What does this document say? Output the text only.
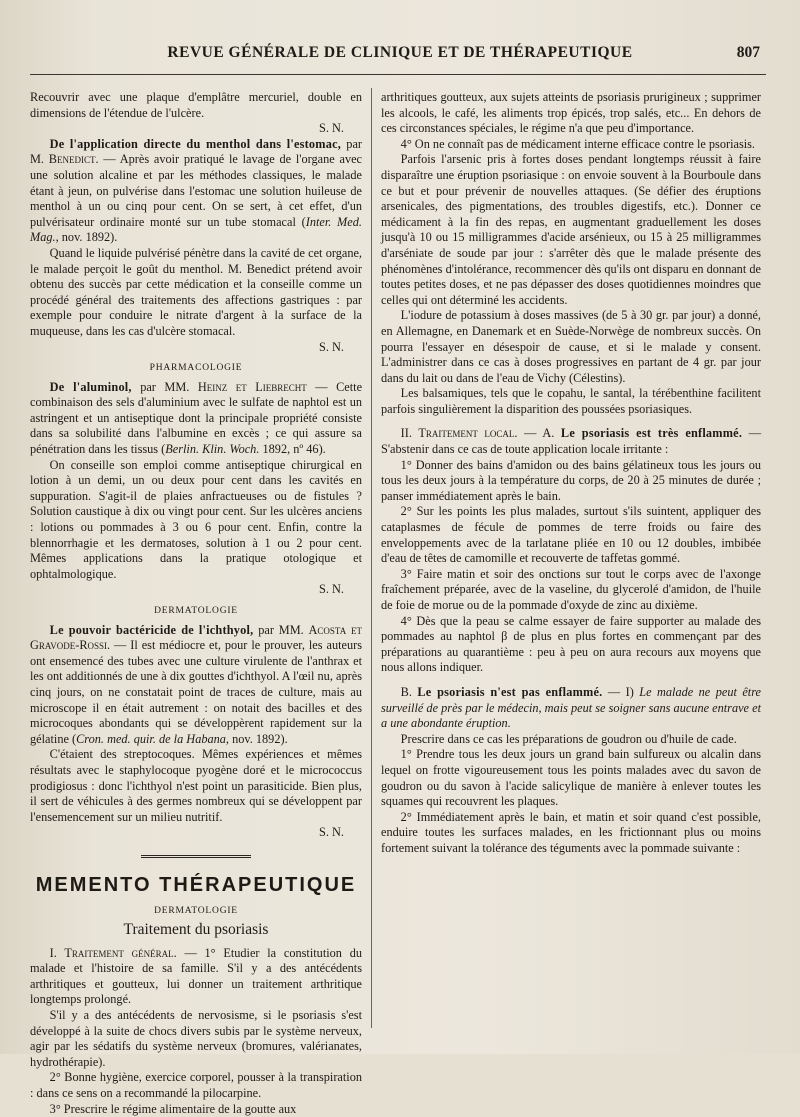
REVUE GÉNÉRALE DE CLINIQUE ET DE THÉRAPEUTIQUE	807

Recouvrir avec une plaque d'emplâtre mercuriel, double en dimensions de l'étendue de l'ulcère.

S. N.

De l'application directe du menthol dans l'estomac, par M. Benedict. — Après avoir pratiqué le lavage de l'organe avec une solution alcaline et par les méthodes classiques, le malade étant à jeun, on pulvérise dans l'estomac une solution huileuse de menthol à un ou cinq pour cent. On se sert, à cet effet, d'un pulvérisateur ordinaire monté sur un tube stomacal (Inter. Med. Mag., nov. 1892).

Quand le liquide pulvérisé pénètre dans la cavité de cet organe, le malade perçoit le goût du menthol. M. Benedict prétend avoir obtenu des succès par cette médication et la conseille comme un procédé général des traitements des affections gastriques : par exemple pour conduire le nitrate d'argent à la surface de la muqueuse, dans les cas d'ulcère stomacal.

S. N.

PHARMACOLOGIE

De l'aluminol, par MM. Heinz et Liebrecht — Cette combinaison des sels d'aluminium avec le sulfate de naphtol est un astringent et un antiseptique dont la principale propriété consiste dans sa solubilité dans l'albumine en excès ; ce qui assure sa pénétration dans les tissus (Berlin. Klin. Woch. 1892, nº 46).

On conseille son emploi comme antiseptique chirurgical en lotion à un demi, un ou deux pour cent dans les cavités en suppuration. S'agit-il de plaies anfractueuses ou de fistules ? Solution caustique à dix ou vingt pour cent. Sur les ulcères anciens : lotions ou pommades à 3 ou 6 pour cent. Enfin, contre la blennorrhagie et les dermatoses, solution à 1 ou 2 pour cent. Mêmes applications dans la pratique otologique et ophtalmologique.

S. N.

DERMATOLOGIE

Le pouvoir bactéricide de l'ichthyol, par MM. Acosta et Gravode-Rossi. — Il est médiocre et, pour le prouver, les auteurs ont ensemencé des tubes avec une culture virulente de l'anthrax et les ont additionnés de une à dix gouttes d'ichthyol. A l'œil nu, après cinq jours, on ne constatait point de traces de culture, mais au microscope il en était autrement : on notait des bacilles et des microcoques abondants qui se développèrent rapidement sur la gélatine (Cron. med. quir. de la Habana, nov. 1892).

C'étaient des streptocoques. Mêmes expériences et mêmes résultats avec le staphylocoque pyogène doré et le micrococcus prodigiosus : donc l'ichthyol n'est point un parasiticide. Bien plus, il sert de véhicules à des germes nombreux qui se développent par l'ensemencement sur un milieu nutritif.

S. N.

MEMENTO THÉRAPEUTIQUE
DERMATOLOGIE
Traitement du psoriasis

I. Traitement général. — 1° Etudier la constitution du malade et l'histoire de sa famille. S'il y a des antécédents arthritiques et goutteux, lui donner un traitement arthritique longtemps prolongé.

S'il y a des antécédents de nervosisme, si le psoriasis s'est développé à la suite de chocs divers subis par le système nerveux, agir par les sédatifs du système nerveux (bromures, valérianates, hydrothérapie).

2° Bonne hygiène, exercice corporel, pousser à la transpiration : dans ce sens on a recommandé la pilocarpine.

3° Prescrire le régime alimentaire de la goutte aux

arthritiques goutteux, aux sujets atteints de psoriasis prurigineux ; supprimer les alcools, le café, les aliments trop épicés, trop salés, etc... En dehors de ces circonstances spéciales, le régime n'a que peu d'importance.

4° On ne connaît pas de médicament interne efficace contre le psoriasis.

Parfois l'arsenic pris à fortes doses pendant longtemps réussit à faire disparaître une éruption psoriasique : on envoie souvent à la Bourboule dans ce but et pour prévenir de nouvelles attaques. (Se défier des éruptions arsenicales, des pigmentations, des troubles digestifs, etc.). Donner ce médicament à la fin des repas, en augmentant graduellement les doses jusqu'à 10 ou 15 milligrammes d'acide arsénieux, ou 15 à 25 milligrammes d'arséniate de soude par jour : s'arrêter dès que le malade présente des phénomènes d'intolérance, recommencer dès qu'ils ont disparu en donnant de toutes petites doses, et ne pas dépasser des doses quotidiennes moindres que celles qui ont déterminé les accidents.

L'iodure de potassium à doses massives (de 5 à 30 gr. par jour) a donné, en Allemagne, en Danemark et en Suède-Norwège de nombreux succès. On pourra l'essayer en désespoir de cause, et si le malade y consent. L'administrer dans ce cas à doses progressives en partant de 4 gr. par jour dans du lait ou dans de l'eau de Vichy (Célestins).

Les balsamiques, tels que le copahu, le santal, la térébenthine facilitent parfois singulièrement la disparition des poussées psoriasiques.

II. Traitement local. — A. Le psoriasis est très enflammé. — S'abstenir dans ce cas de toute application locale irritante :

1° Donner des bains d'amidon ou des bains gélatineux tous les jours ou tous les deux jours à la température du corps, de 20 à 25 minutes de durée ; panser immédiatement après le bain.

2° Sur les points les plus malades, surtout s'ils suintent, appliquer des cataplasmes de fécule de pommes de terre froids ou faire des enveloppements avec de la tarlatane pliée en 10 ou 12 doubles, imbibée d'eau de têtes de camomille et recouverte de taffetas gommé.

3° Faire matin et soir des onctions sur tout le corps avec de l'axonge fraîchement préparée, avec de la vaseline, du glycerolé d'amidon, de l'huile de foie de morue ou de la pommade d'oxyde de zinc au dixième.

4° Dès que la peau se calme essayer de faire supporter au malade des pommades au naphtol β de plus en plus fortes en commençant par des préparations au quarantième : peu à peu on aura recours aux moyens que nous allons indiquer.

B. Le psoriasis n'est pas enflammé. — I) Le malade ne peut être surveillé de près par le médecin, mais peut se soigner sans aucune entrave et a une abondante éruption.

Prescrire dans ce cas les préparations de goudron ou d'huile de cade.

1° Prendre tous les deux jours un grand bain sulfureux ou alcalin dans lequel on frotte vigoureusement tous les points malades avec du savon de goudron ou du savon à l'acide salicylique de manière à enlever toutes les squames qui recouvrent les plaques.

2° Immédiatement après le bain, et matin et soir quand c'est possible, enduire toutes les surfaces malades, en les frictionnant plus ou moins fortement suivant la tolérance des téguments avec la pommade suivante :
